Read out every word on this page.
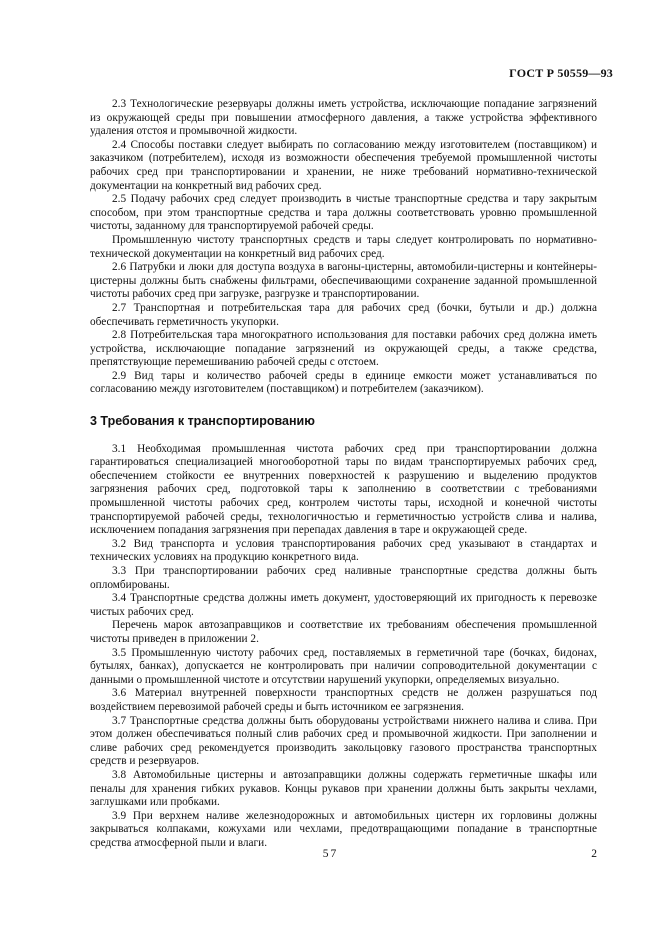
ГОСТ Р 50559—93

2.3 Технологические резервуары должны иметь устройства, исключающие попадание загрязнений из окружающей среды при повышении атмосферного давления, а также устройства эффективного удаления отстоя и промывочной жидкости.

2.4 Способы поставки следует выбирать по согласованию между изготовителем (поставщиком) и заказчиком (потребителем), исходя из возможности обеспечения требуемой промышленной чистоты рабочих сред при транспортировании и хранении, не ниже требований нормативно-технической документации на конкретный вид рабочих сред.

2.5 Подачу рабочих сред следует производить в чистые транспортные средства и тару закрытым способом, при этом транспортные средства и тара должны соответствовать уровню промышленной чистоты, заданному для транспортируемой рабочей среды.

Промышленную чистоту транспортных средств и тары следует контролировать по нормативно-технической документации на конкретный вид рабочих сред.

2.6 Патрубки и люки для доступа воздуха в вагоны-цистерны, автомобили-цистерны и контейнеры-цистерны должны быть снабжены фильтрами, обеспечивающими сохранение заданной промышленной чистоты рабочих сред при загрузке, разгрузке и транспортировании.

2.7 Транспортная и потребительская тара для рабочих сред (бочки, бутыли и др.) должна обеспечивать герметичность укупорки.

2.8 Потребительская тара многократного использования для поставки рабочих сред должна иметь устройства, исключающие попадание загрязнений из окружающей среды, а также средства, препятствующие перемешиванию рабочей среды с отстоем.

2.9 Вид тары и количество рабочей среды в единице емкости может устанавливаться по согласованию между изготовителем (поставщиком) и потребителем (заказчиком).

3 Требования к транспортированию

3.1 Необходимая промышленная чистота рабочих сред при транспортировании должна гарантироваться специализацией многооборотной тары по видам транспортируемых рабочих сред, обеспечением стойкости ее внутренних поверхностей к разрушению и выделению продуктов загрязнения рабочих сред, подготовкой тары к заполнению в соответствии с требованиями промышленной чистоты рабочих сред, контролем чистоты тары, исходной и конечной чистоты транспортируемой рабочей среды, технологичностью и герметичностью устройств слива и налива, исключением попадания загрязнения при перепадах давления в таре и окружающей среде.

3.2 Вид транспорта и условия транспортирования рабочих сред указывают в стандартах и технических условиях на продукцию конкретного вида.

3.3 При транспортировании рабочих сред наливные транспортные средства должны быть опломбированы.

3.4 Транспортные средства должны иметь документ, удостоверяющий их пригодность к перевозке чистых рабочих сред.

Перечень марок автозаправщиков и соответствие их требованиям обеспечения промышленной чистоты приведен в приложении 2.

3.5 Промышленную чистоту рабочих сред, поставляемых в герметичной таре (бочках, бидонах, бутылях, банках), допускается не контролировать при наличии сопроводительной документации с данными о промышленной чистоте и отсутствии нарушений укупорки, определяемых визуально.

3.6 Материал внутренней поверхности транспортных средств не должен разрушаться под воздействием перевозимой рабочей среды и быть источником ее загрязнения.

3.7 Транспортные средства должны быть оборудованы устройствами нижнего налива и слива. При этом должен обеспечиваться полный слив рабочих сред и промывочной жидкости. При заполнении и сливе рабочих сред рекомендуется производить закольцовку газового пространства транспортных средств и резервуаров.

3.8 Автомобильные цистерны и автозаправщики должны содержать герметичные шкафы или пеналы для хранения гибких рукавов. Концы рукавов при хранении должны быть закрыты чехлами, заглушками или пробками.

3.9 При верхнем наливе железнодорожных и автомобильных цистерн их горловины должны закрываться колпаками, кожухами или чехлами, предотвращающими попадание в транспортные средства атмосферной пыли и влаги.

57	2
